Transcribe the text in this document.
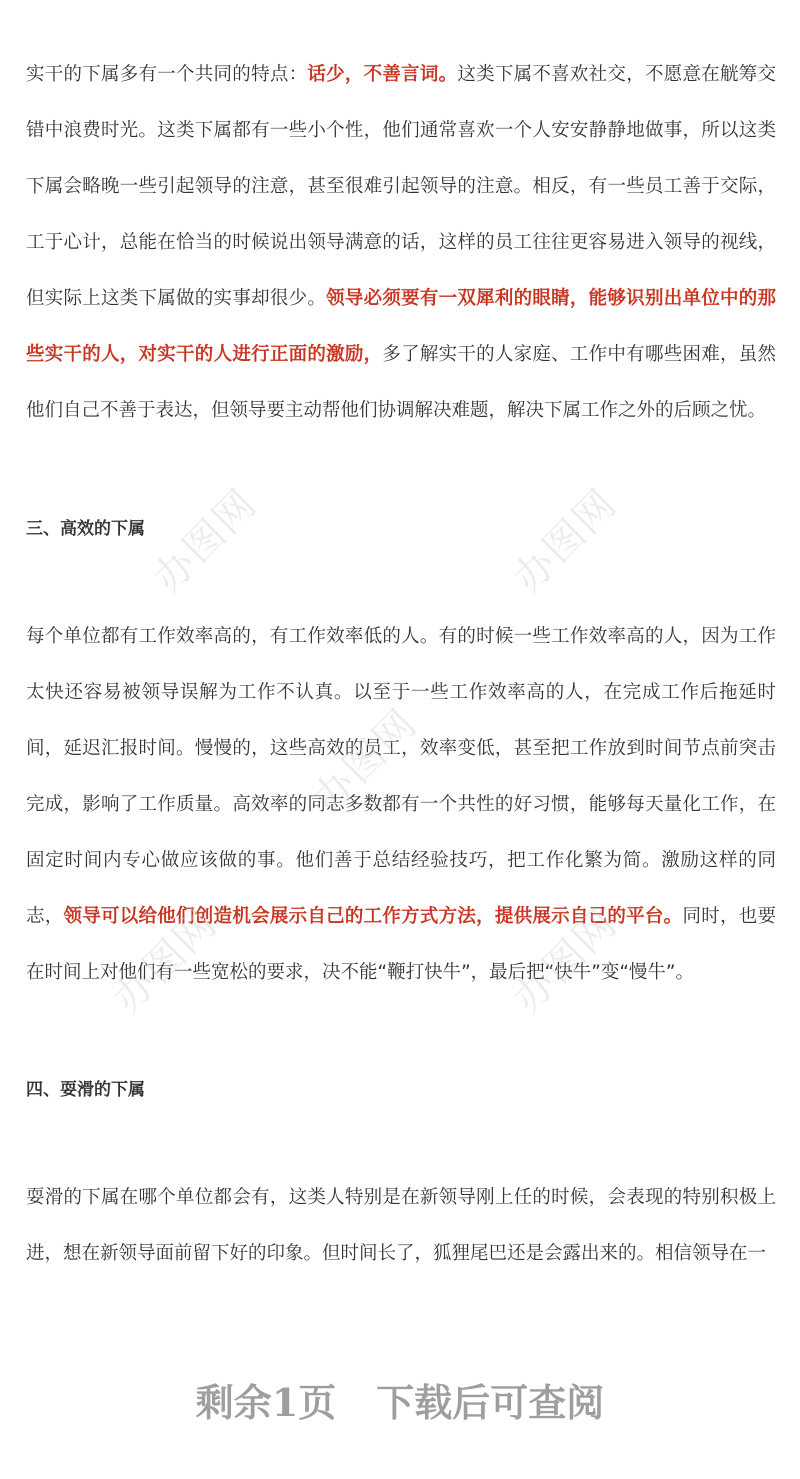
实干的下属多有一个共同的特点：话少，不善言词。这类下属不喜欢社交，不愿意在觥筹交错中浪费时光。这类下属都有一些小个性，他们通常喜欢一个人安安静静地做事，所以这类下属会略晚一些引起领导的注意，甚至很难引起领导的注意。相反，有一些员工善于交际，工于心计，总能在恰当的时候说出领导满意的话，这样的员工往往更容易进入领导的视线，但实际上这类下属做的实事却很少。领导必须要有一双犀利的眼睛，能够识别出单位中的那些实干的人，对实干的人进行正面的激励，多了解实干的人家庭、工作中有哪些困难，虽然他们自己不善于表达，但领导要主动帮他们协调解决难题，解决下属工作之外的后顾之忧。

三、高效的下属

每个单位都有工作效率高的，有工作效率低的人。有的时候一些工作效率高的人，因为工作太快还容易被领导误解为工作不认真。以至于一些工作效率高的人，在完成工作后拖延时间，延迟汇报时间。慢慢的，这些高效的员工，效率变低，甚至把工作放到时间节点前突击完成，影响了工作质量。高效率的同志多数都有一个共性的好习惯，能够每天量化工作，在固定时间内专心做应该做的事。他们善于总结经验技巧，把工作化繁为简。激励这样的同志，领导可以给他们创造机会展示自己的工作方式方法，提供展示自己的平台。同时，也要在时间上对他们有一些宽松的要求，决不能“鞭打快牛”，最后把“快牛”变“慢牛”。

四、耍滑的下属

耍滑的下属在哪个单位都会有，这类人特别是在新领导刚上任的时候，会表现的特别积极上进，想在新领导面前留下好的印象。但时间长了，狐狸尾巴还是会露出来的。相信领导在一

办图网	办图网
办图网
办图网	办图网
剩余1页 下载后可查阅
